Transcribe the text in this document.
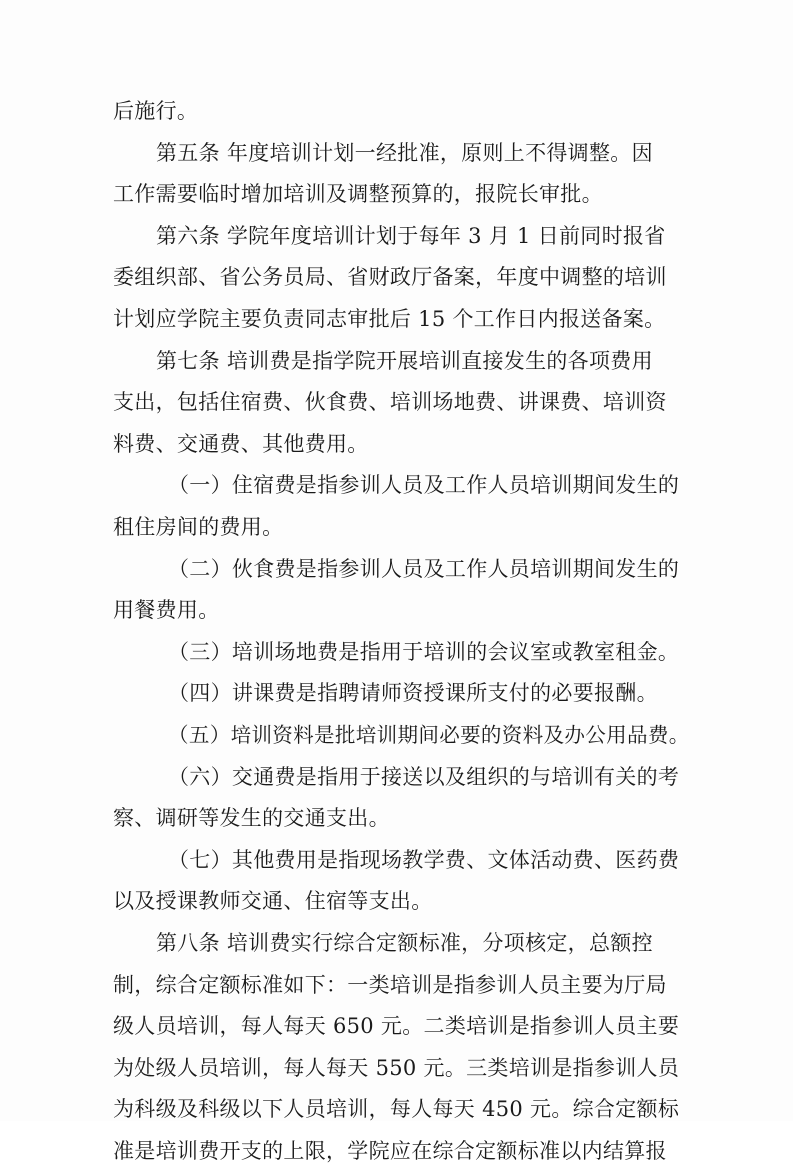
后施行。
第五条 年度培训计划一经批准，原则上不得调整。因
工作需要临时增加培训及调整预算的，报院长审批。
第六条 学院年度培训计划于每年 3 月 1 日前同时报省
委组织部、省公务员局、省财政厅备案，年度中调整的培训
计划应学院主要负责同志审批后 15 个工作日内报送备案。
第七条 培训费是指学院开展培训直接发生的各项费用
支出，包括住宿费、伙食费、培训场地费、讲课费、培训资
料费、交通费、其他费用。
（一）住宿费是指参训人员及工作人员培训期间发生的
租住房间的费用。
（二）伙食费是指参训人员及工作人员培训期间发生的
用餐费用。
（三）培训场地费是指用于培训的会议室或教室租金。
（四）讲课费是指聘请师资授课所支付的必要报酬。
（五）培训资料是批培训期间必要的资料及办公用品费。
（六）交通费是指用于接送以及组织的与培训有关的考
察、调研等发生的交通支出。
（七）其他费用是指现场教学费、文体活动费、医药费
以及授课教师交通、住宿等支出。
第八条 培训费实行综合定额标准，分项核定，总额控
制，综合定额标准如下：一类培训是指参训人员主要为厅局
级人员培训，每人每天 650 元。二类培训是指参训人员主要
为处级人员培训，每人每天 550 元。三类培训是指参训人员
为科级及科级以下人员培训，每人每天 450 元。综合定额标
准是培训费开支的上限，学院应在综合定额标准以内结算报
